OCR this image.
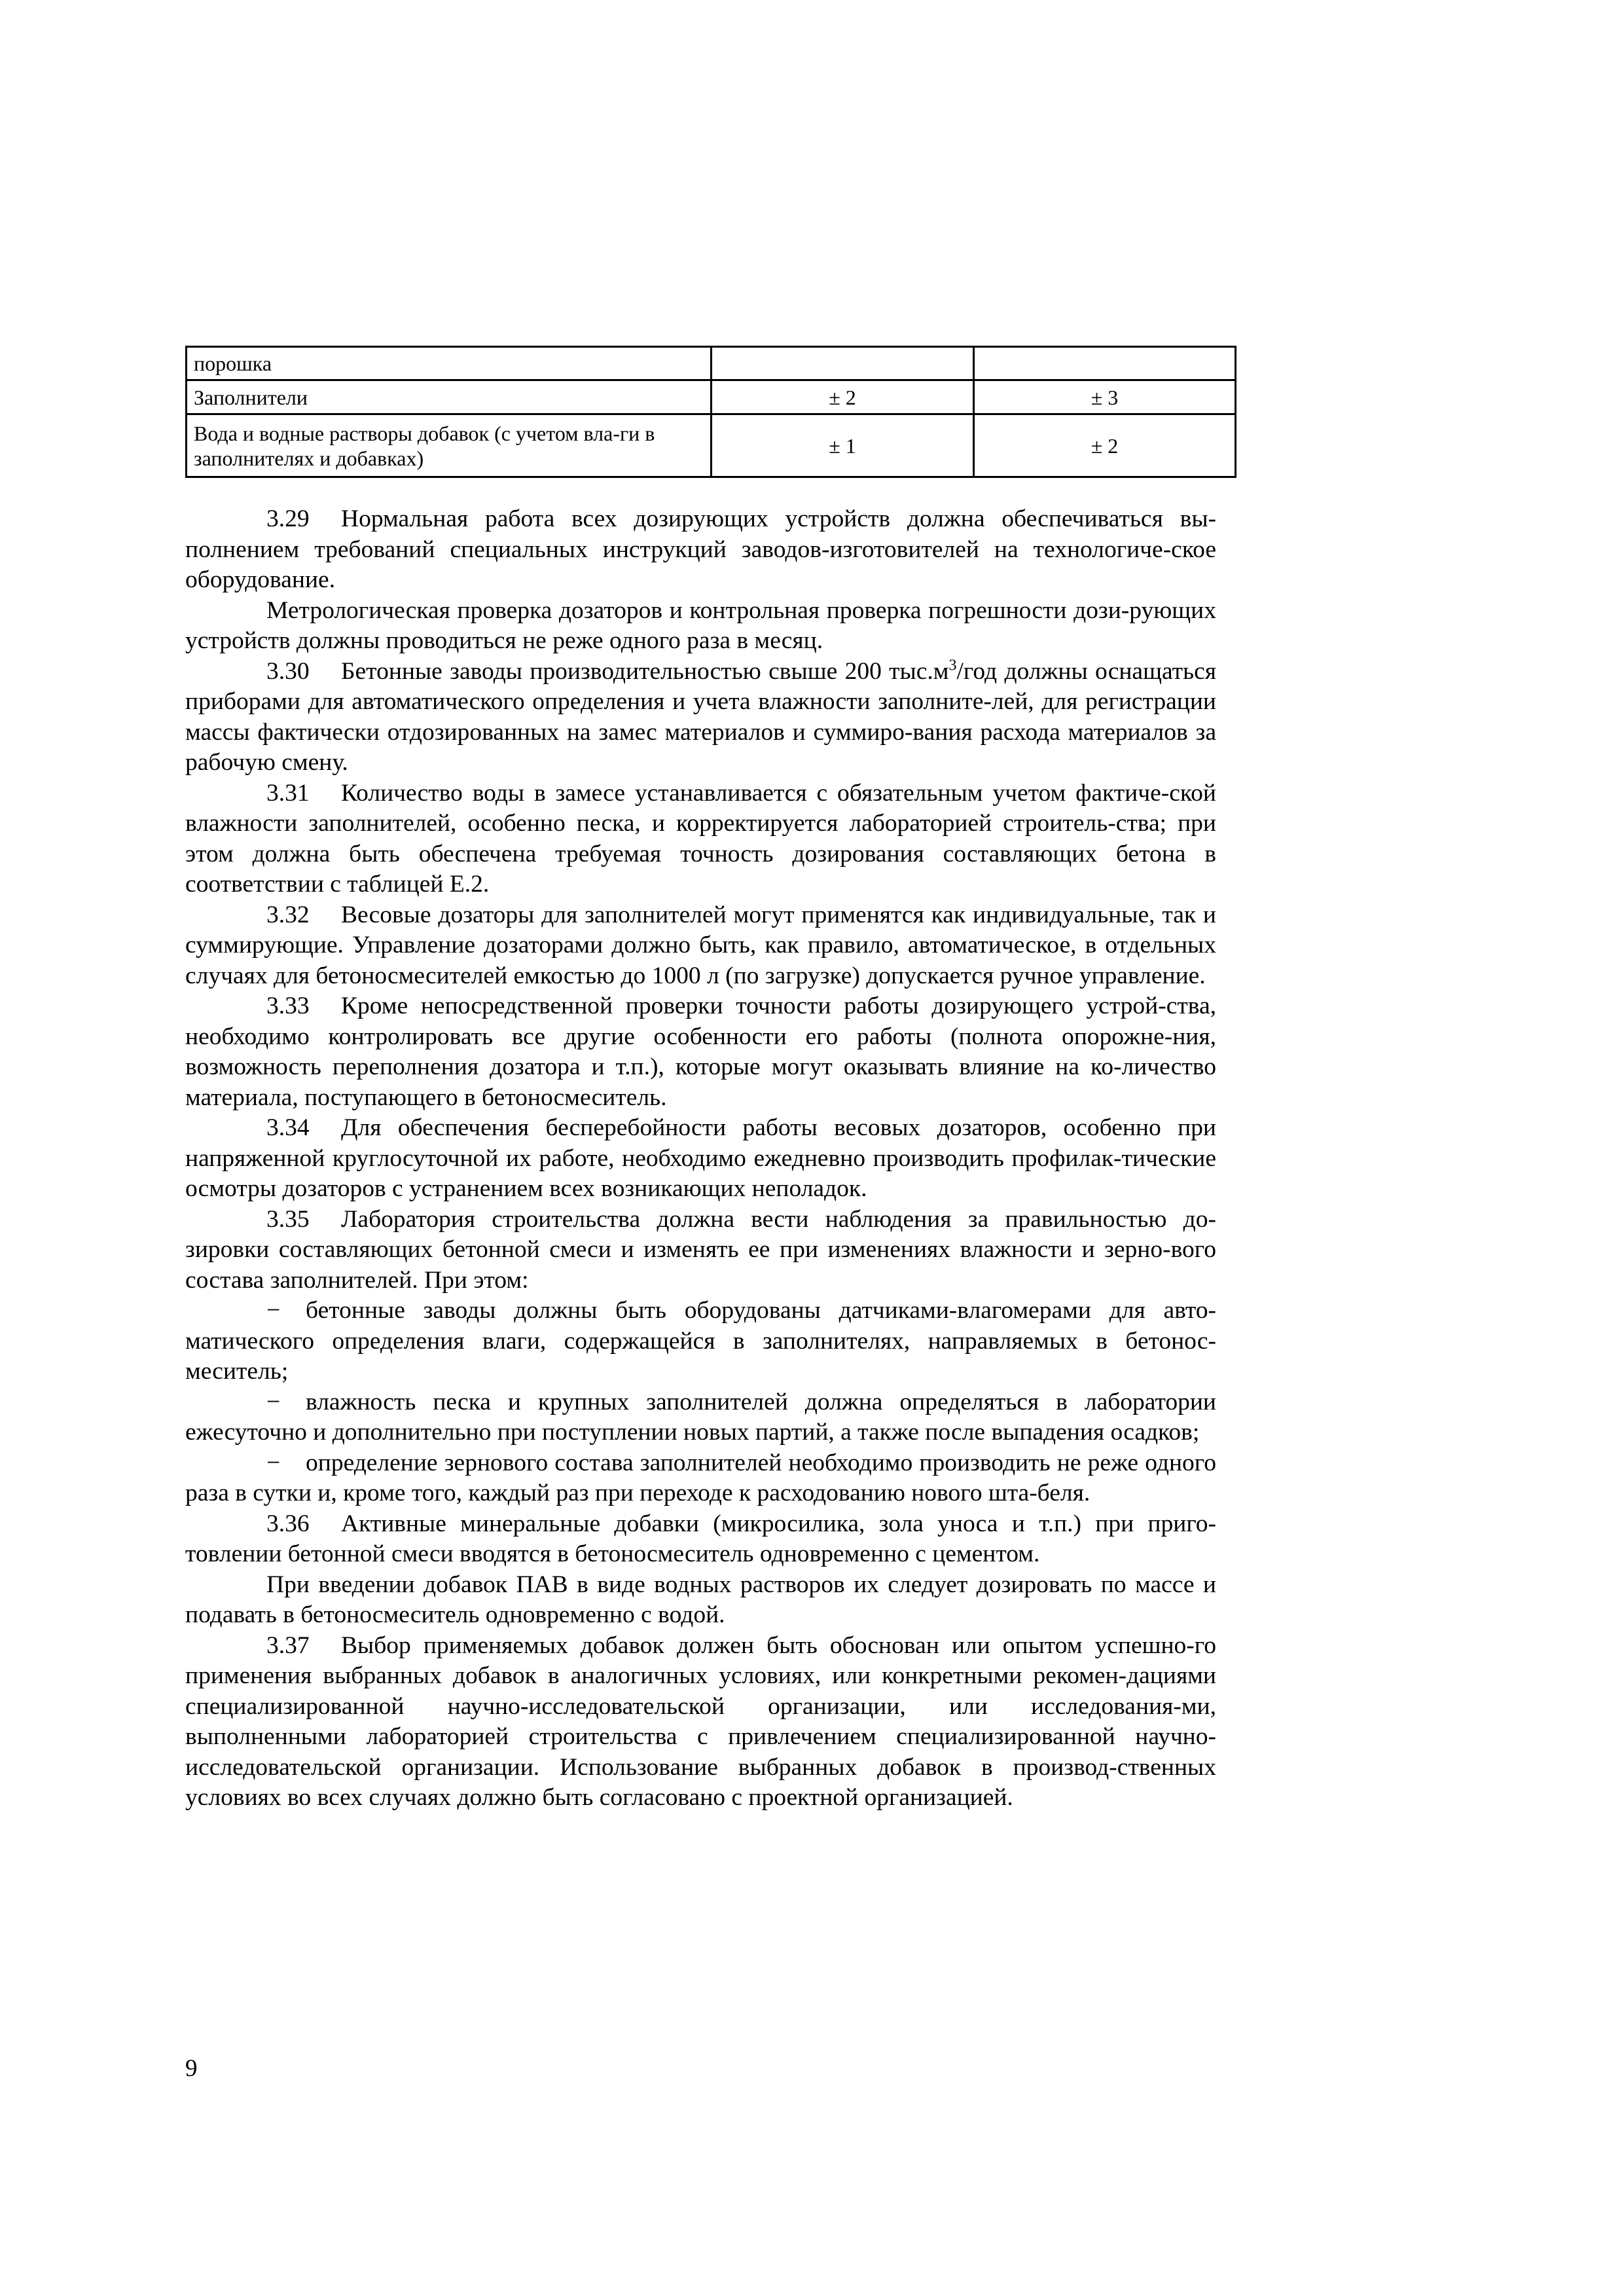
порошка		
Заполнители	± 2	± 3
Вода и водные растворы добавок (с учетом вла-ги в заполнителях и добавках)	± 1	± 2

3.29 Нормальная работа всех дозирующих устройств должна обеспечиваться вы-полнением требований специальных инструкций заводов-изготовителей на технологиче-ское оборудование.

Метрологическая проверка дозаторов и контрольная проверка погрешности дози-рующих устройств должны проводиться не реже одного раза в месяц.

3.30 Бетонные заводы производительностью свыше 200 $тыс.м^3$/год должны оснащаться приборами для автоматического определения и учета влажности заполните-лей, для регистрации массы фактически отдозированных на замес материалов и суммиро-вания расхода материалов за рабочую смену.

3.31 Количество воды в замесе устанавливается с обязательным учетом фактиче-ской влажности заполнителей, особенно песка, и корректируется лабораторией строитель-ства; при этом должна быть обеспечена требуемая точность дозирования составляющих бетона в соответствии с таблицей Е.2.

3.32 Весовые дозаторы для заполнителей могут применятся как индивидуальные, так и суммирующие. Управление дозаторами должно быть, как правило, автоматическое, в отдельных случаях для бетоносмесителей емкостью до 1000 л (по загрузке) допускается ручное управление.

3.33 Кроме непосредственной проверки точности работы дозирующего устрой-ства, необходимо контролировать все другие особенности его работы (полнота опорожне-ния, возможность переполнения дозатора и т.п.), которые могут оказывать влияние на ко-личество материала, поступающего в бетоносмеситель.

3.34 Для обеспечения бесперебойности работы весовых дозаторов, особенно при напряженной круглосуточной их работе, необходимо ежедневно производить профилак-тические осмотры дозаторов с устранением всех возникающих неполадок.

3.35 Лаборатория строительства должна вести наблюдения за правильностью до-зировки составляющих бетонной смеси и изменять ее при изменениях влажности и зерно-вого состава заполнителей. При этом:

− бетонные заводы должны быть оборудованы датчиками-влагомерами для авто-матического определения влаги, содержащейся в заполнителях, направляемых в бетонос-меситель;

− влажность песка и крупных заполнителей должна определяться в лаборатории ежесуточно и дополнительно при поступлении новых партий, а также после выпадения осадков;

− определение зернового состава заполнителей необходимо производить не реже одного раза в сутки и, кроме того, каждый раз при переходе к расходованию нового шта-беля.

3.36 Активные минеральные добавки (микросилика, зола уноса и т.п.) при приго-товлении бетонной смеси вводятся в бетоносмеситель одновременно с цементом.

При введении добавок ПАВ в виде водных растворов их следует дозировать по массе и подавать в бетоносмеситель одновременно с водой.

3.37 Выбор применяемых добавок должен быть обоснован или опытом успешно-го применения выбранных добавок в аналогичных условиях, или конкретными рекомен-дациями специализированной научно-исследовательской организации, или исследования-ми, выполненными лабораторией строительства с привлечением специализированной научно-исследовательской организации. Использование выбранных добавок в производ-ственных условиях во всех случаях должно быть согласовано с проектной организацией.

9
